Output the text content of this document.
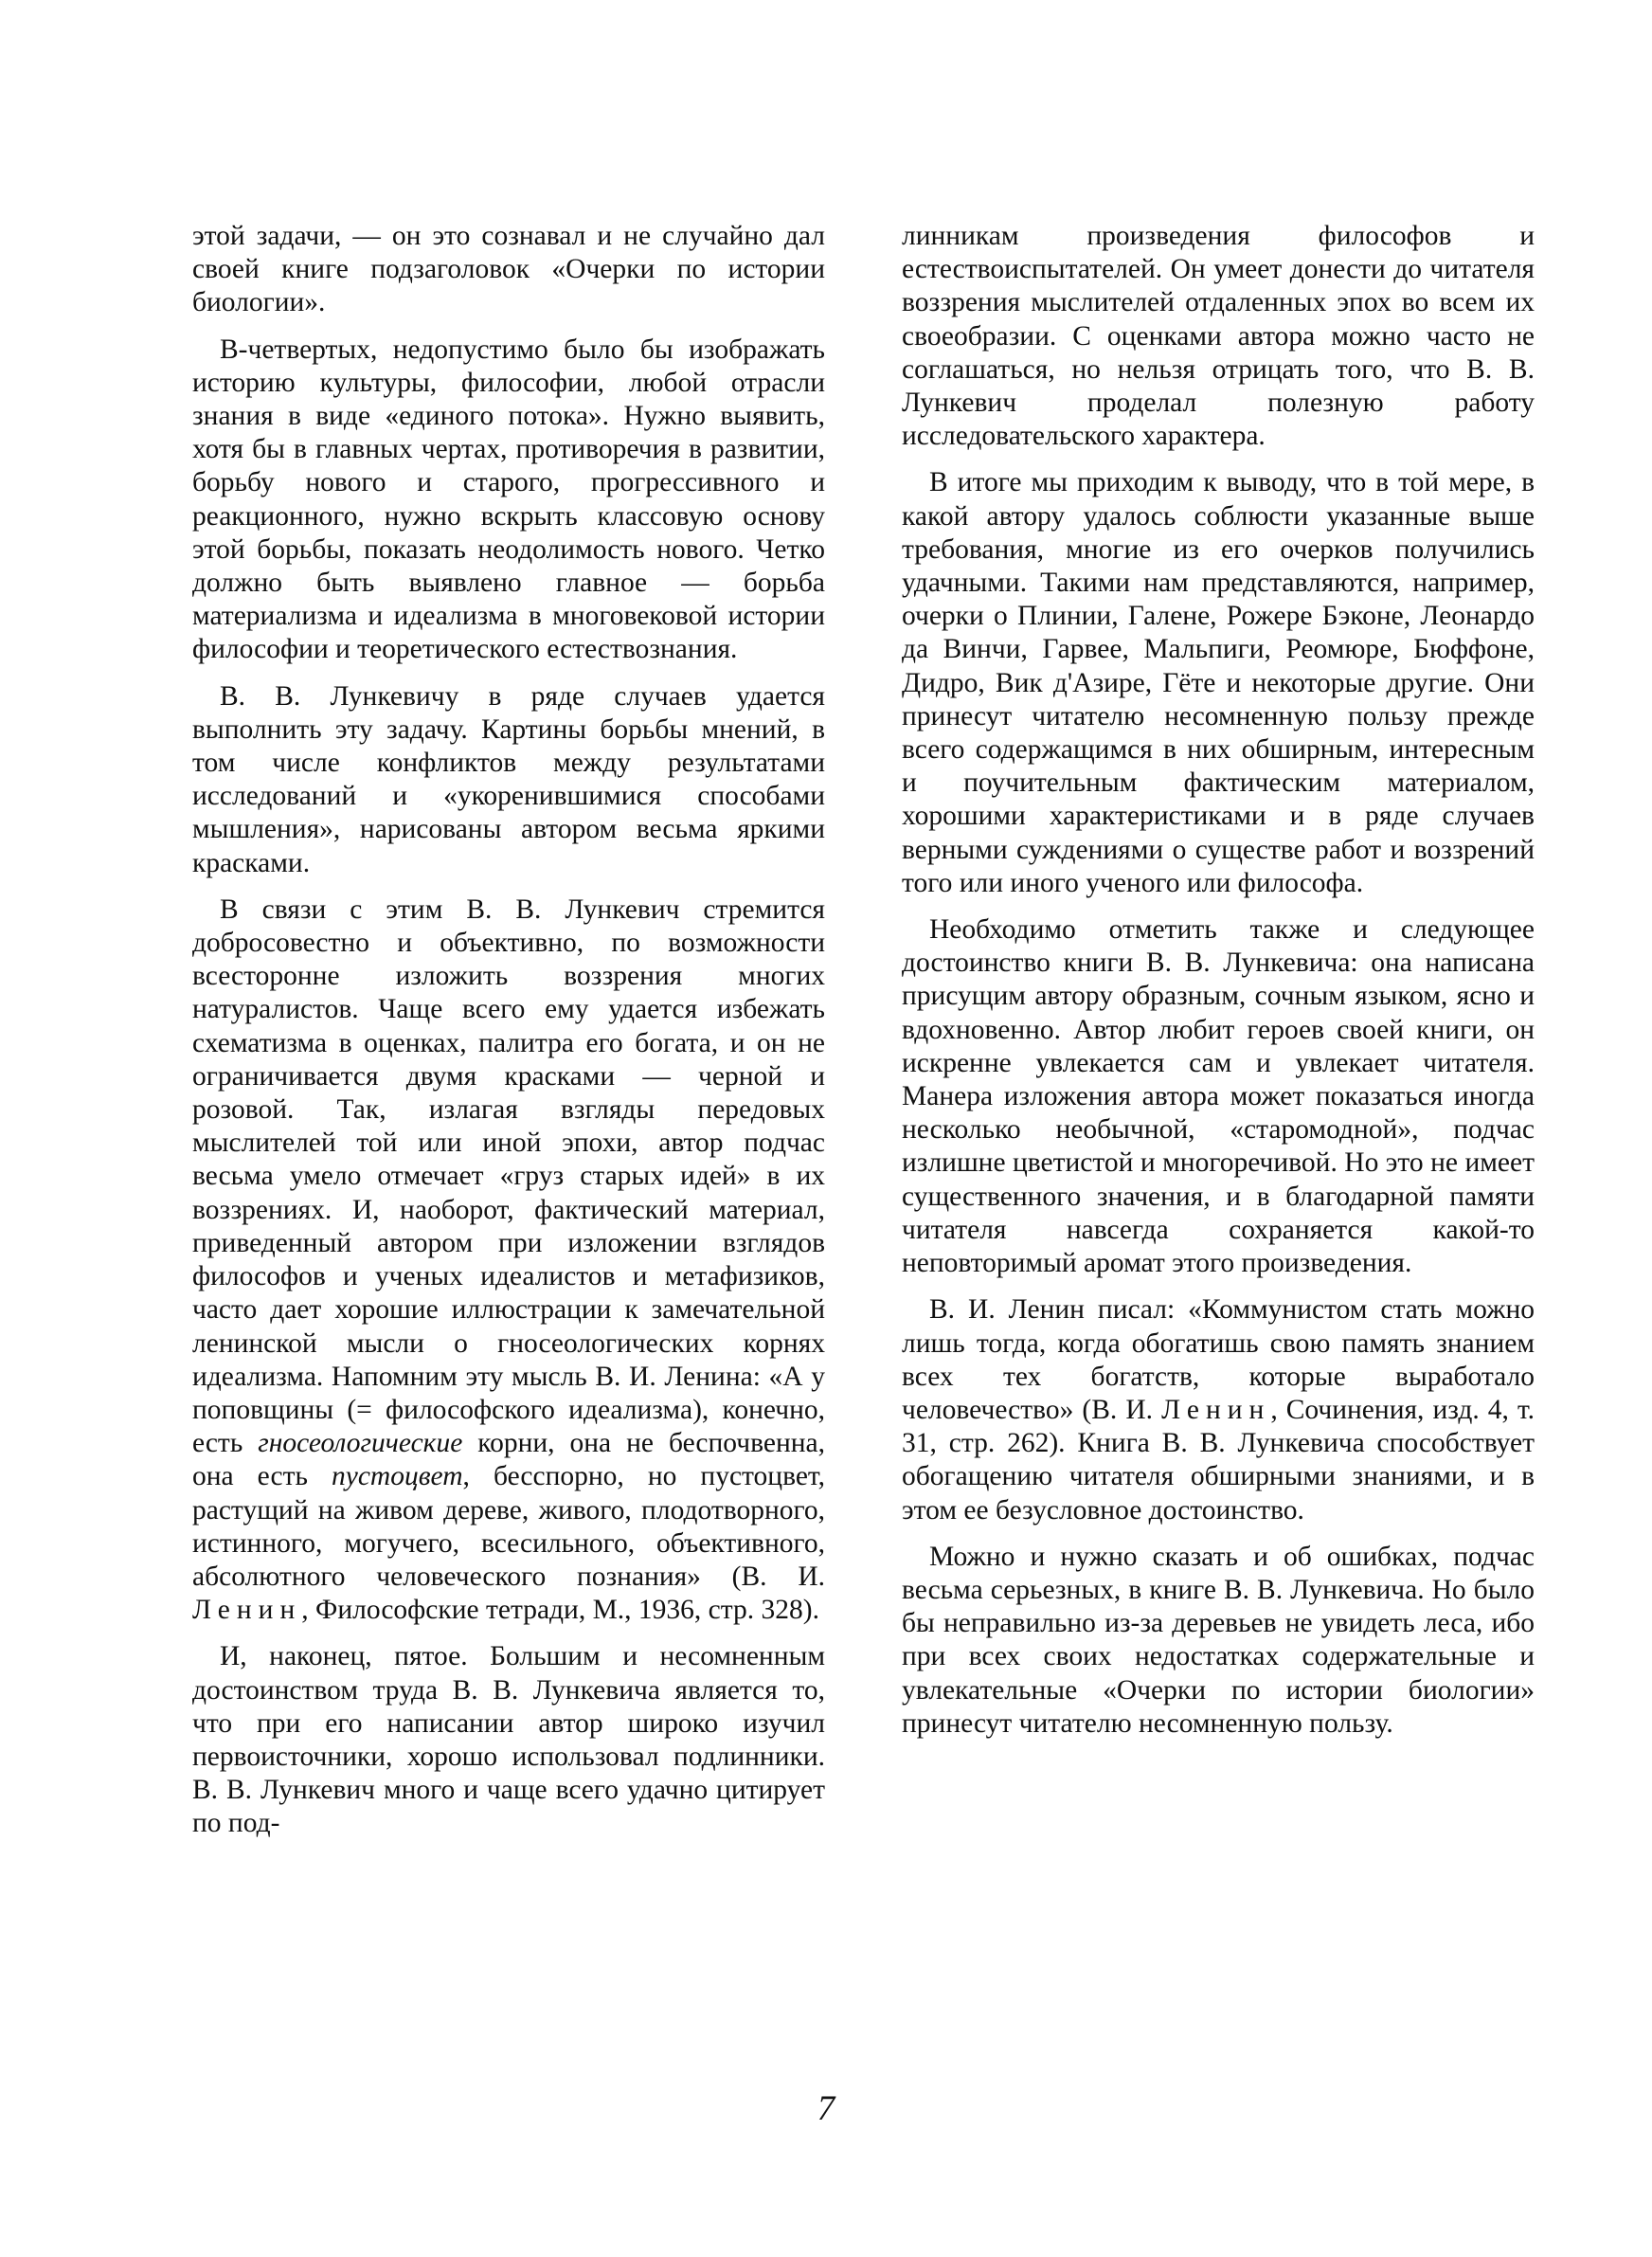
этой задачи, — он это сознавал и не случайно дал своей книге подзаголовок «Очерки по истории биологии».

В-четвертых, недопустимо было бы изображать историю культуры, философии, любой отрасли знания в виде «единого потока». Нужно выявить, хотя бы в главных чертах, противоречия в развитии, борьбу нового и старого, прогрессивного и реакционного, нужно вскрыть классовую основу этой борьбы, показать неодолимость нового. Четко должно быть выявлено главное — борьба материализма и идеализма в многовековой истории философии и теоретического естествознания.

В. В. Лункевичу в ряде случаев удается выполнить эту задачу. Картины борьбы мнений, в том числе конфликтов между результатами исследований и «укоренившимися способами мышления», нарисованы автором весьма яркими красками.

В связи с этим В. В. Лункевич стремится добросовестно и объективно, по возможности всесторонне изложить воззрения многих натуралистов. Чаще всего ему удается избежать схематизма в оценках, палитра его богата, и он не ограничивается двумя красками — черной и розовой. Так, излагая взгляды передовых мыслителей той или иной эпохи, автор подчас весьма умело отмечает «груз старых идей» в их воззрениях. И, наоборот, фактический материал, приведенный автором при изложении взглядов философов и ученых идеалистов и метафизиков, часто дает хорошие иллюстрации к замечательной ленинской мысли о гносеологических корнях идеализма. Напомним эту мысль В. И. Ленина: «А у поповщины (= философского идеализма), конечно, есть гносеологические корни, она не беспочвенна, она есть пустоцвет, бесспорно, но пустоцвет, растущий на живом дереве, живого, плодотворного, истинного, могучего, всесильного, объективного, абсолютного человеческого познания» (В. И. Ленин, Философские тетради, М., 1936, стр. 328).

И, наконец, пятое. Большим и несомненным достоинством труда В. В. Лункевича является то, что при его написании автор широко изучил первоисточники, хорошо использовал подлинники. В. В. Лункевич много и чаще всего удачно цитирует по под-

линникам произведения философов и естествоиспытателей. Он умеет донести до читателя воззрения мыслителей отдаленных эпох во всем их своеобразии. С оценками автора можно часто не соглашаться, но нельзя отрицать того, что В. В. Лункевич проделал полезную работу исследовательского характера.

В итоге мы приходим к выводу, что в той мере, в какой автору удалось соблюсти указанные выше требования, многие из его очерков получились удачными. Такими нам представляются, например, очерки о Плинии, Галене, Рожере Бэконе, Леонардо да Винчи, Гарвее, Мальпиги, Реомюре, Бюффоне, Дидро, Вик д'Азире, Гёте и некоторые другие. Они принесут читателю несомненную пользу прежде всего содержащимся в них обширным, интересным и поучительным фактическим материалом, хорошими характеристиками и в ряде случаев верными суждениями о существе работ и воззрений того или иного ученого или философа.

Необходимо отметить также и следующее достоинство книги В. В. Лункевича: она написана присущим автору образным, сочным языком, ясно и вдохновенно. Автор любит героев своей книги, он искренне увлекается сам и увлекает читателя. Манера изложения автора может показаться иногда несколько необычной, «старомодной», подчас излишне цветистой и многоречивой. Но это не имеет существенного значения, и в благодарной памяти читателя навсегда сохраняется какой-то неповторимый аромат этого произведения.

В. И. Ленин писал: «Коммунистом стать можно лишь тогда, когда обогатишь свою память знанием всех тех богатств, которые выработало человечество» (В. И. Ленин, Сочинения, изд. 4, т. 31, стр. 262). Книга В. В. Лункевича способствует обогащению читателя обширными знаниями, и в этом ее безусловное достоинство.

Можно и нужно сказать и об ошибках, подчас весьма серьезных, в книге В. В. Лункевича. Но было бы неправильно из-за деревьев не увидеть леса, ибо при всех своих недостатках содержательные и увлекательные «Очерки по истории биологии» принесут читателю несомненную пользу.

7
